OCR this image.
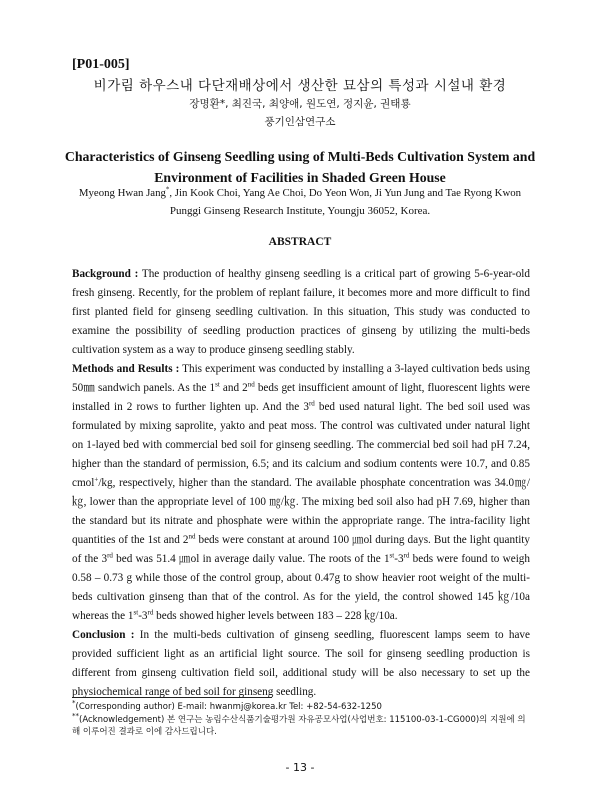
[P01-005]
비가림 하우스내 다단재배상에서 생산한 묘삼의 특성과 시설내 환경
장명환*, 최진국, 최양애, 원도연, 정지윤, 권태룡
풍기인삼연구소
Characteristics of Ginseng Seedling using of Multi-Beds Cultivation System and
Environment of Facilities in Shaded Green House
Myeong Hwan Jang*, Jin Kook Choi, Yang Ae Choi, Do Yeon Won, Ji Yun Jung and Tae Ryong Kwon
Punggi Ginseng Research Institute, Youngju 36052, Korea.
ABSTRACT

Background : The production of healthy ginseng seedling is a critical part of growing 5-6-year-old fresh ginseng. Recently, for the problem of replant failure, it becomes more and more difficult to find first planted field for ginseng seedling cultivation. In this situation, This study was conducted to examine the possibility of seedling production practices of ginseng by utilizing the multi-beds cultivation system as a way to produce ginseng seedling stably.

Methods and Results : This experiment was conducted by installing a 3-layed cultivation beds using 50㎜ sandwich panels. As the 1st and 2nd beds get insufficient amount of light, fluorescent lights were installed in 2 rows to further lighten up. And the 3rd bed used natural light. The bed soil used was formulated by mixing saprolite, yakto and peat moss. The control was cultivated under natural light on 1-layed bed with commercial bed soil for ginseng seedling. The commercial bed soil had pH 7.24, higher than the standard of permission, 6.5; and its calcium and sodium contents were 10.7, and 0.85 cmol+/kg, respectively, higher than the standard. The available phosphate concentration was 34.0㎎/㎏, lower than the appropriate level of 100 ㎎/㎏. The mixing bed soil also had pH 7.69, higher than the standard but its nitrate and phosphate were within the appropriate range. The intra-facility light quantities of the 1st and 2nd beds were constant at around 100 ㎛ol during days. But the light quantity of the 3rd bed was 51.4 ㎛ol in average daily value. The roots of the 1st-3rd beds were found to weigh 0.58 – 0.73 g while those of the control group, about 0.47g to show heavier root weight of the multi-beds cultivation ginseng than that of the control. As for the yield, the control showed 145 ㎏/10a whereas the 1st-3rd beds showed higher levels between 183 – 228 ㎏/10a.

Conclusion : In the multi-beds cultivation of ginseng seedling, fluorescent lamps seem to have provided sufficient light as an artificial light source. The soil for ginseng seedling production is different from ginseng cultivation field soil, additional study will be also necessary to set up the physiochemical range of bed soil for ginseng seedling.

*(Corresponding author) E-mail: hwanmj@korea.kr Tel: +82-54-632-1250
**(Acknowledgement) 본 연구는 농림수산식품기술평가원 자유공모사업(사업번호: 115100-03-1-CG000)의 지원에 의해 이루어진 결과로 이에 감사드립니다.
- 13 -
